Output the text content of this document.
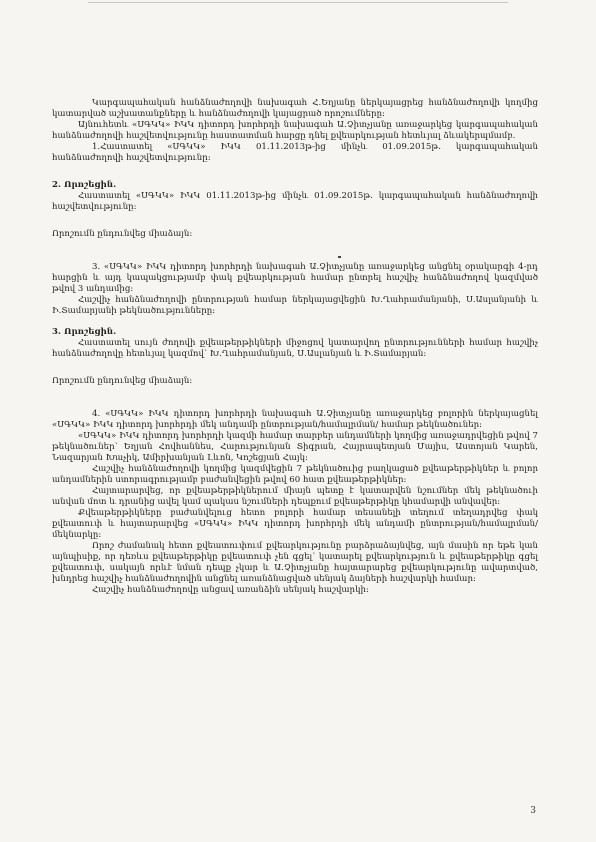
Կարգապահական հանձնաժողովի նախագահ Հ.Եղյանը ներկայացրեց հանձնաժողովի կողմից կատարված աշխատանքները և հանձնաժողովի կայացրած որոշումները:

Այնուհետև «ՍԳԿԿ» ԻԿԿ դիտորդ խորհրդի նախագահ Ա.Չիտչյանը առաջարկեց կարգապահական հանձնաժողովի հաշվետվությունը հաստատման հարցը դնել քվեարկության հետևյալ ձևակերպմամբ.

1.Հաստատել «ՍԳԿԿ» ԻԿԿ 01.11.2013թ-ից մինչև 01.09.2015թ. կարգապահական հանձնաժողովի հաշվետվությունը:

2. Որոշեցին.

Հաստատել «ՍԳԿԿ» ԻԿԿ 01.11.2013թ-ից մինչև 01.09.2015թ. կարգապահական հանձնաժողովի հաշվետվությունը:

Որոշումն ընդունվեց միաձայն:

3. «ՍԳԿԿ» ԻԿԿ դիտորդ խորհրդի նախագահ Ա.Չիտչյանը առաջարկեց անցնել օրակարգի 4-րդ հարցին և այդ կապակցությամբ փակ քվեարկության համար ընտրել հաշվիչ հանձնաժողով կազմված թվով 3 անդամից:

Հաշվիչ հանձնաժողովի ընտրության համար ներկայացվեցին Խ.Ղահրամանյանի, Ս.Ասլանյանի և Ի.Տամարյանի թեկնածությունները:

3. Որոշեցին.

Հաստատել սույն ժողովի քվեաթերթիկների միջոցով կատարվող ընտրությունների համար հաշվիչ հանձնաժողովը հետևյալ կազմով՝ Խ.Ղահրամանյան, Ս.Ասլանյան և Ի.Տամարյան:

Որոշումն ընդունվեց միաձայն:

4. «ՍԳԿԿ» ԻԿԿ դիտորդ խորհրդի նախագահ Ա.Չիտչյանը առաջարկեց բոլորին ներկայացնել «ՍԳԿԿ» ԻԿԿ դիտորդ խորհրդի մեկ անդամի ընտրության/համալրման/ համար թեկնածուներ:

«ՍԳԿԿ» ԻԿԿ դիտորդ խորհրդի կազմի համար տարբեր անդամների կողմից առաջադրվեցին թվով 7 թեկնածուներ՝ Եղյան Հովհաննես, Հարությունյան Տիգրան, Հայրապետյան Մայիս, Աստոյան Կարեն, Նազարյան Խաչիկ, Ամիրխանյան Լևոն, Կոշեցյան Հայկ:

Հաշվիչ հանձնաժողովի կողմից կազմվեցին 7 թեկնածուից բաղկացած քվեաթերթիկներ և բոլոր անդամներին ստորագրությամբ բաժանվեցին թվով 60 հատ քվեաթերթիկներ:

Հայտարարվեց, որ քվեաթերթիկներում միայն պետք է կատարվեն նշումներ մեկ թեկնածուի անվան մոտ և դրանից ավել կամ պակաս նշումների դեպքում քվեաթերթիկը կհամարվի անվավեր:

Քվեաթերթիկները բաժանվելուց հետո բոլորի համար տեսանելի տեղում տեղադրվեց փակ քվեատուփ և հայտարարվեց «ՍԳԿԿ» ԻԿԿ դիտորդ խորհրդի մեկ անդամի ընտրության/համալրման/ մեկնարկը:

Որոշ ժամանակ հետո քվեատուփում քվեարկությունը բարձրաձայնվեց, այն մասին որ եթե կան այնպիսիք, որ դեռևս քվեաթերթիկը քվեատուփ չեն գցել՝ կատարել քվեարկություն և քվեաթերթիկը գցել քվեատուփ, սակայն որևէ նման դեպք չկար և Ա.Չիտչյանը հայտարարեց քվեարկությունը ավարտված, խնդրեց հաշվիչ հանձնաժողովին անցնել առանձնացված սենյակ ձայների հաշվարկի համար:

Հաշվիչ հանձնաժողովը անցավ առանձին սենյակ հաշվարկի:

3
